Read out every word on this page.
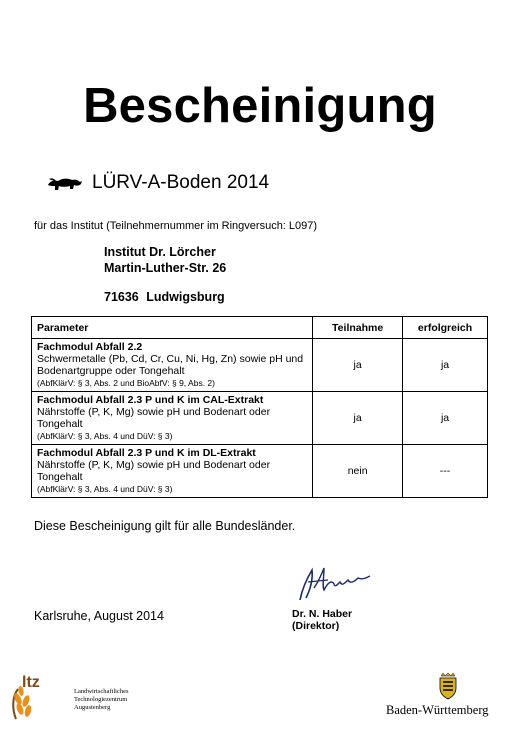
Bescheinigung
LÜRV-A-Boden 2014
für das Institut (Teilnehmernummer im Ringversuch: L097)
Institut Dr. Lörcher
Martin-Luther-Str. 26
71636 Ludwigsburg
Parameter	Teilnahme	erfolgreich

Fachmodul Abfall 2.2
Schwermetalle (Pb, Cd, Cr, Cu, Ni, Hg, Zn) sowie pH und Bodenartgruppe oder Tongehalt
(AbfKlärV: § 3, Abs. 2 und BioAbfV: § 9, Abs. 2)	ja	ja

Fachmodul Abfall 2.3 P und K im CAL-Extrakt
Nährstoffe (P, K, Mg) sowie pH und Bodenart oder Tongehalt
(AbfKlärV: § 3, Abs. 4 und DüV: § 3)	ja	ja

Fachmodul Abfall 2.3 P und K im DL-Extrakt
Nährstoffe (P, K, Mg) sowie pH und Bodenart oder Tongehalt
(AbfKlärV: § 3, Abs. 4 und DüV: § 3)	nein	---
Diese Bescheinigung gilt für alle Bundesländer.
Karlsruhe, August 2014	Dr. N. Haber
(Direktor)
ltz
Landwirtschaftliches
Technologiezentrum
Augustenberg	Baden-Württemberg
